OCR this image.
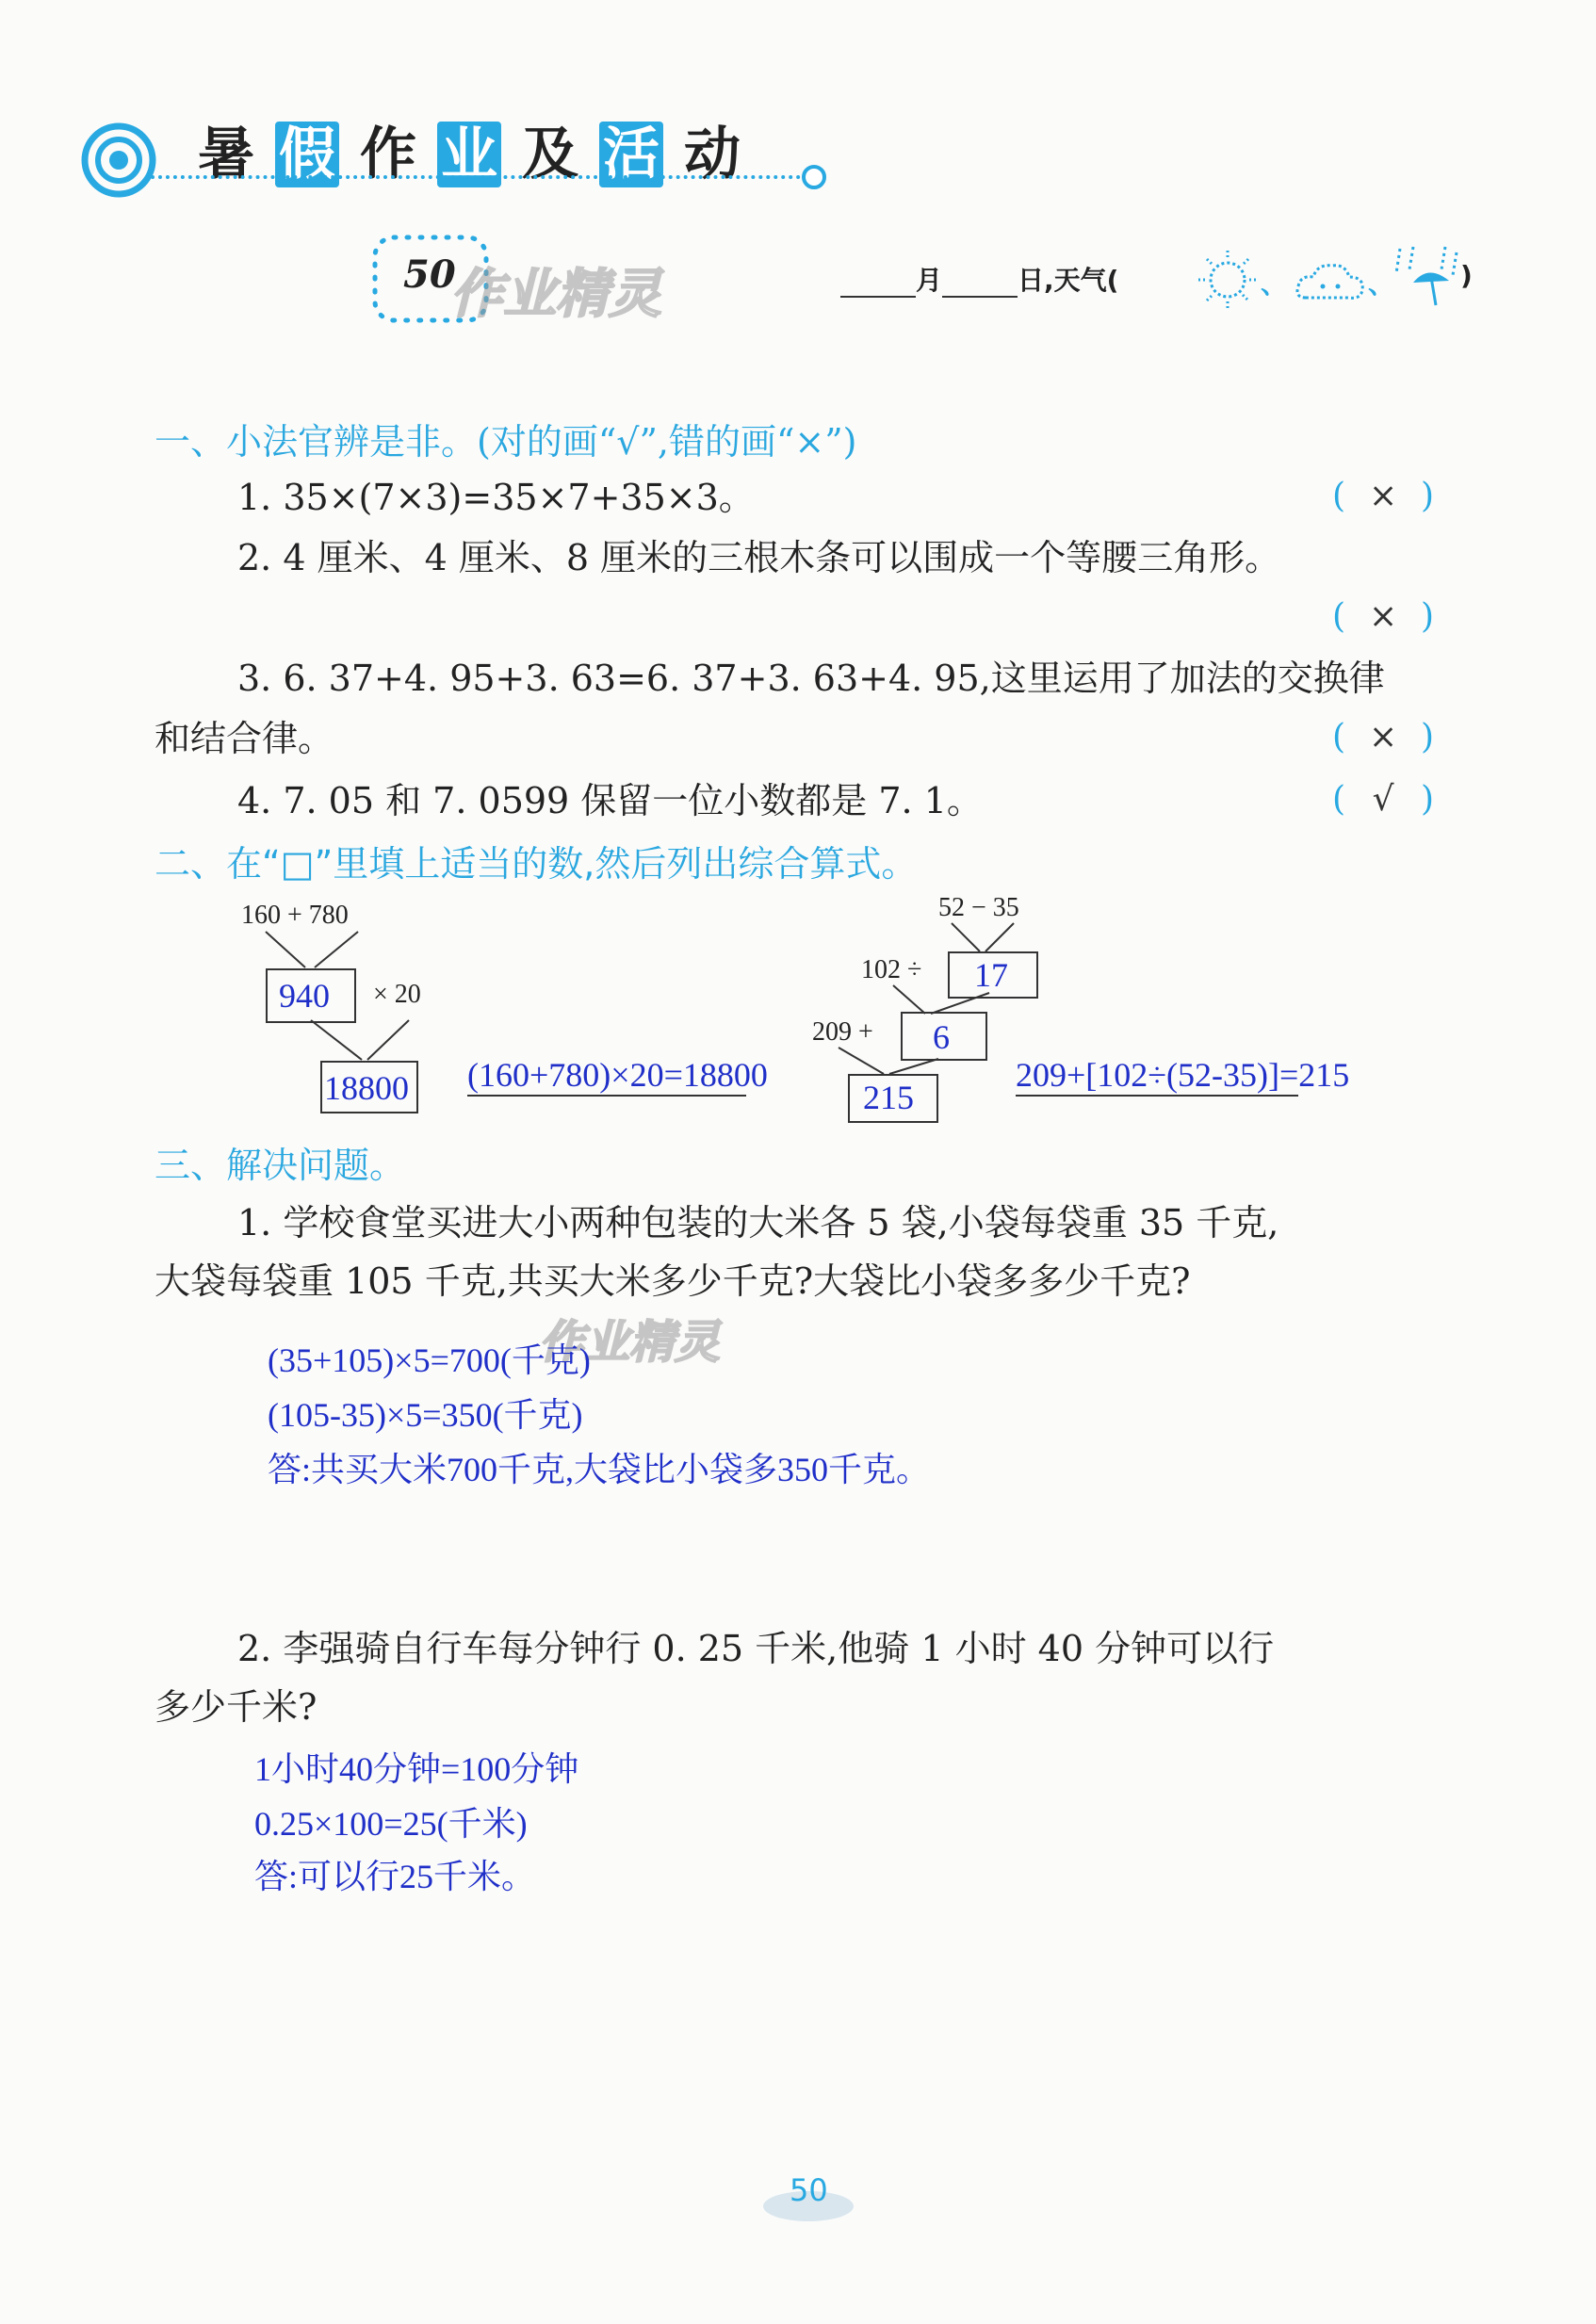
暑假 作业 及活 动
50
作业精灵	月	日,天气(	、	、 )
一、小法官辨是非。(对的画“√”,错的画“×”)
1. 35×(7×3)=35×7+35×3。	( × )
2. 4 厘米、4 厘米、8 厘米的三根木条可以围成一个等腰三角形。
( × )
3. 6. 37+4. 95+3. 63=6. 37+3. 63+4. 95,这里运用了加法的交换律
和结合律。	( × )
4. 7. 05 和 7. 0599 保留一位小数都是 7. 1。	( √ )
二、在“□”里填上适当的数,然后列出综合算式。
160 + 780
940 × 20
18800 (160+780)×20=18800
52 − 35
102 ÷ 17
209 + 6
215
209+[102÷(52-35)]=215
三、解决问题。
1. 学校食堂买进大小两种包装的大米各 5 袋,小袋每袋重 35 千克,
大袋每袋重 105 千克,共买大米多少千克?大袋比小袋多多少千克?
作业精灵
(35+105)×5=700(千克)
(105-35)×5=350(千克)
答:共买大米700千克,大袋比小袋多350千克。
2. 李强骑自行车每分钟行 0. 25 千米,他骑 1 小时 40 分钟可以行
多少千米?
1小时40分钟=100分钟
0.25×100=25(千米)
答:可以行25千米。
50
